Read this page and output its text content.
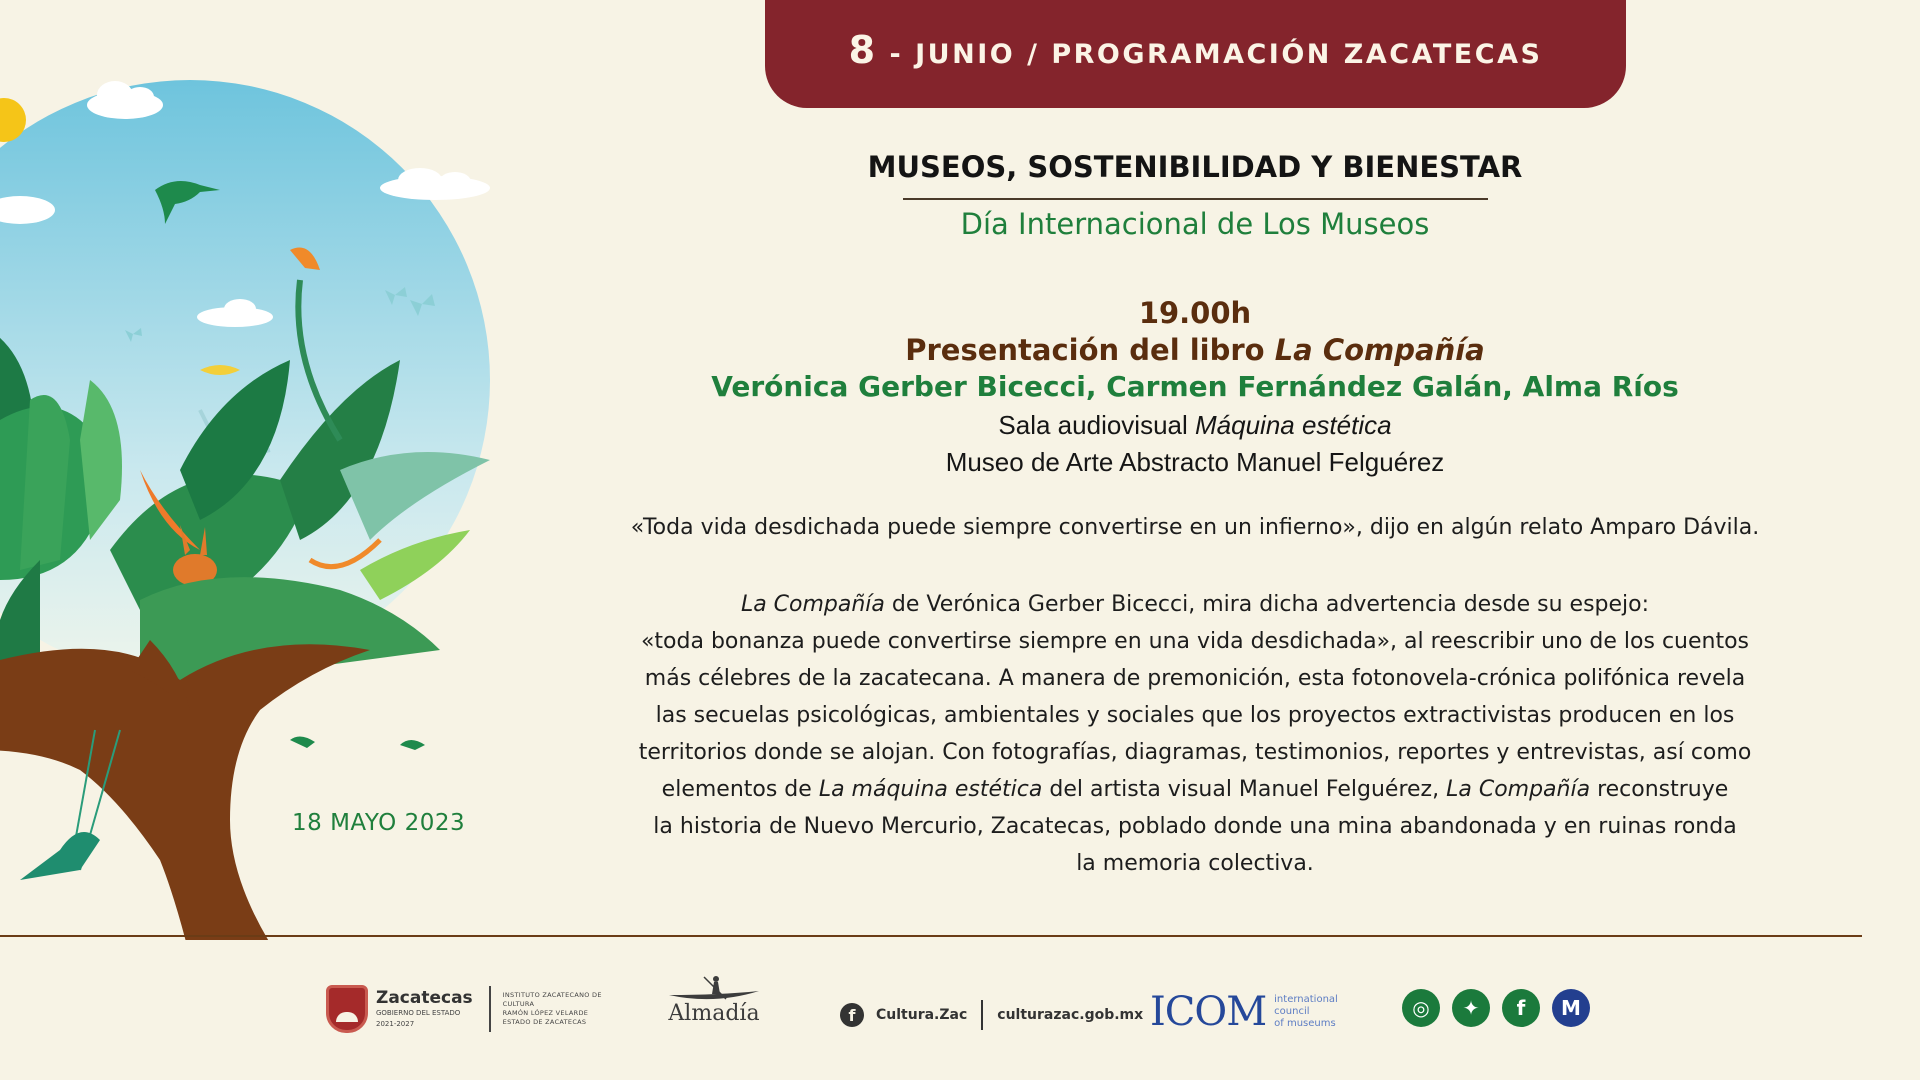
8 - JUNIO / PROGRAMACIÓN ZACATECAS
18 MAYO 2023
MUSEOS, SOSTENIBILIDAD Y BIENESTAR
Día Internacional de Los Museos
19.00h
Presentación del libro La Compañía
Verónica Gerber Bicecci, Carmen Fernández Galán, Alma Ríos
Sala audiovisual Máquina estética
Museo de Arte Abstracto Manuel Felguérez
«Toda vida desdichada puede siempre convertirse en un infierno», dijo en algún relato Amparo Dávila.

La Compañía de Verónica Gerber Bicecci, mira dicha advertencia desde su espejo:

«toda bonanza puede convertirse siempre en una vida desdichada», al reescribir uno de los cuentos

más célebres de la zacatecana. A manera de premonición, esta fotonovela-crónica polifónica revela

las secuelas psicológicas, ambientales y sociales que los proyectos extractivistas producen en los

territorios donde se alojan. Con fotografías, diagramas, testimonios, reportes y entrevistas, así como

elementos de La máquina estética del artista visual Manuel Felguérez, La Compañía reconstruye

la historia de Nuevo Mercurio, Zacatecas, poblado donde una mina abandonada y en ruinas ronda

la memoria colectiva.

Zacatecas
GOBIERNO DEL ESTADO
2021-2027
INSTITUTO ZACATECANO DE
CULTURA
RAMÓN LÓPEZ VELARDE
ESTADO DE ZACATECAS	Almadía	f	Cultura.Zac culturazac.gob.mx ICOM international
council
of museums
◎	✦	f	M
